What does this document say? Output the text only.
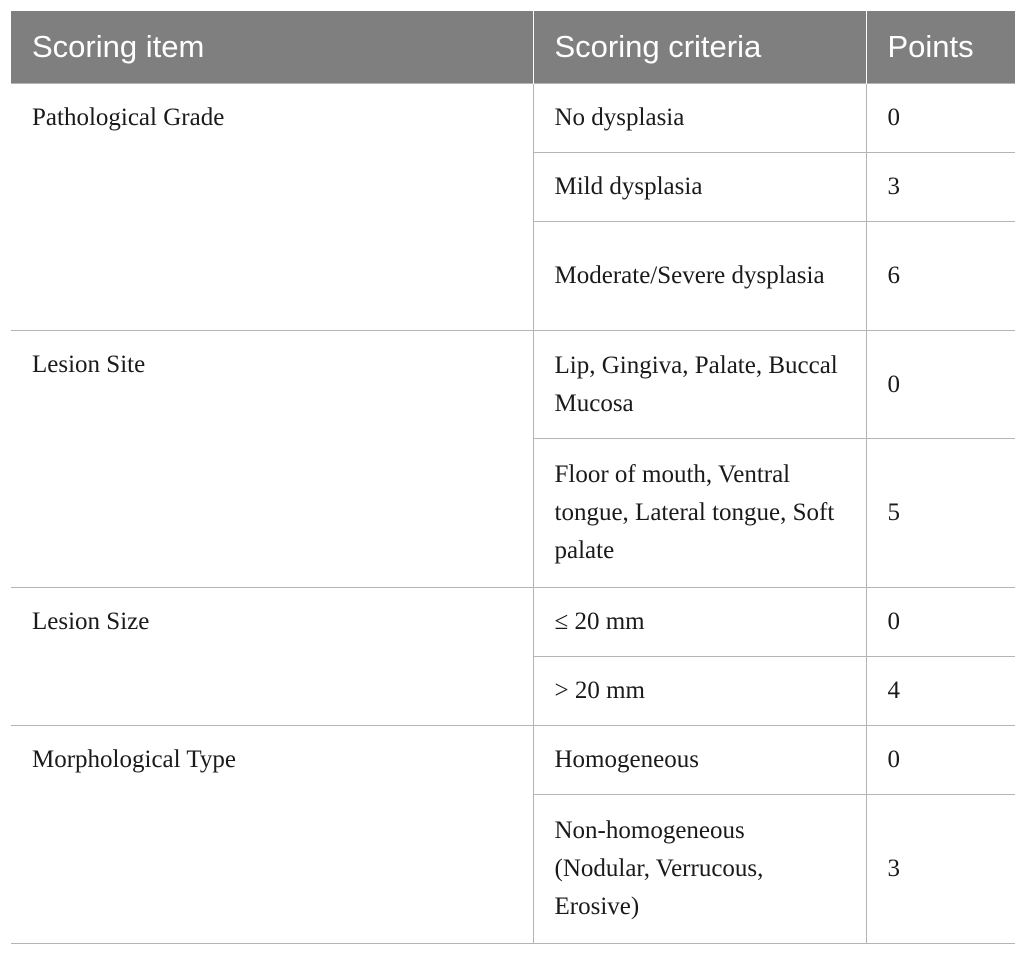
Scoring item	Scoring criteria	Points
Pathological Grade	No dysplasia	0
	Mild dysplasia	3
	Moderate/Severe dysplasia	6
Lesion Site	Lip, Gingiva, Palate, Buccal Mucosa	0
	Floor of mouth, Ventral tongue, Lateral tongue, Soft palate	5
Lesion Size	≤ 20 mm	0
	> 20 mm	4
Morphological Type	Homogeneous	0
	Non-homogeneous (Nodular, Verrucous, Erosive)	3
